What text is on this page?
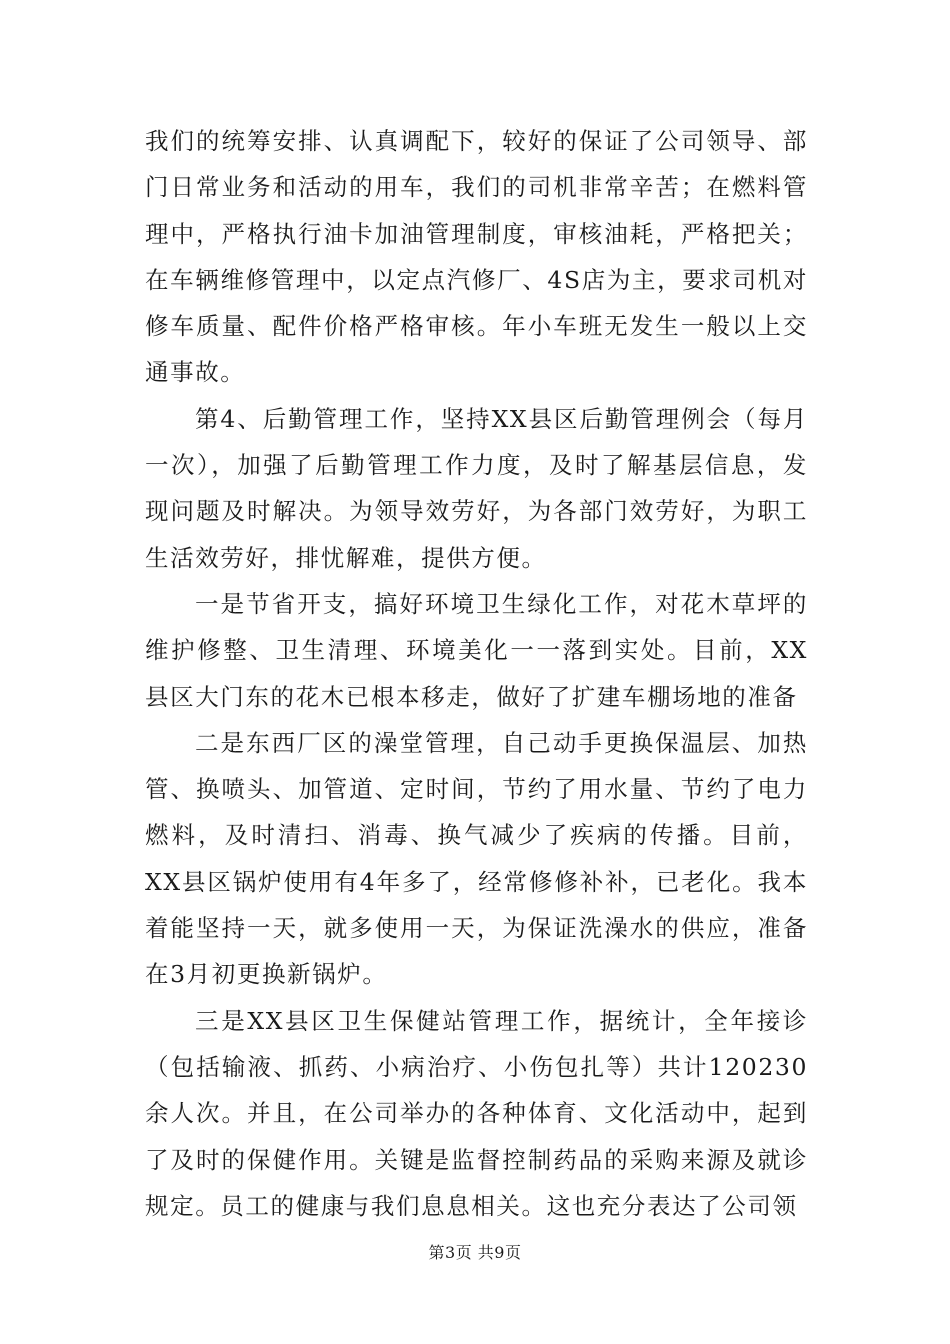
我们的统筹安排、认真调配下，较好的保证了公司领导、部门日常业务和活动的用车，我们的司机非常辛苦；在燃料管理中，严格执行油卡加油管理制度，审核油耗，严格把关；在车辆维修管理中，以定点汽修厂、4S店为主，要求司机对修车质量、配件价格严格审核。年小车班无发生一般以上交通事故。

第4、后勤管理工作，坚持XX县区后勤管理例会（每月一次），加强了后勤管理工作力度，及时了解基层信息，发现问题及时解决。为领导效劳好，为各部门效劳好，为职工生活效劳好，排忧解难，提供方便。

一是节省开支，搞好环境卫生绿化工作，对花木草坪的维护修整、卫生清理、环境美化一一落到实处。目前，XX县区大门东的花木已根本移走，做好了扩建车棚场地的准备

二是东西厂区的澡堂管理，自己动手更换保温层、加热管、换喷头、加管道、定时间，节约了用水量、节约了电力燃料，及时清扫、消毒、换气减少了疾病的传播。目前，XX县区锅炉使用有4年多了，经常修修补补，已老化。我本着能坚持一天，就多使用一天，为保证洗澡水的供应，准备在3月初更换新锅炉。

三是XX县区卫生保健站管理工作，据统计，全年接诊（包括输液、抓药、小病治疗、小伤包扎等）共计120230余人次。并且，在公司举办的各种体育、文化活动中，起到了及时的保健作用。关键是监督控制药品的采购来源及就诊规定。员工的健康与我们息息相关。这也充分表达了公司领

第3页 共9页
